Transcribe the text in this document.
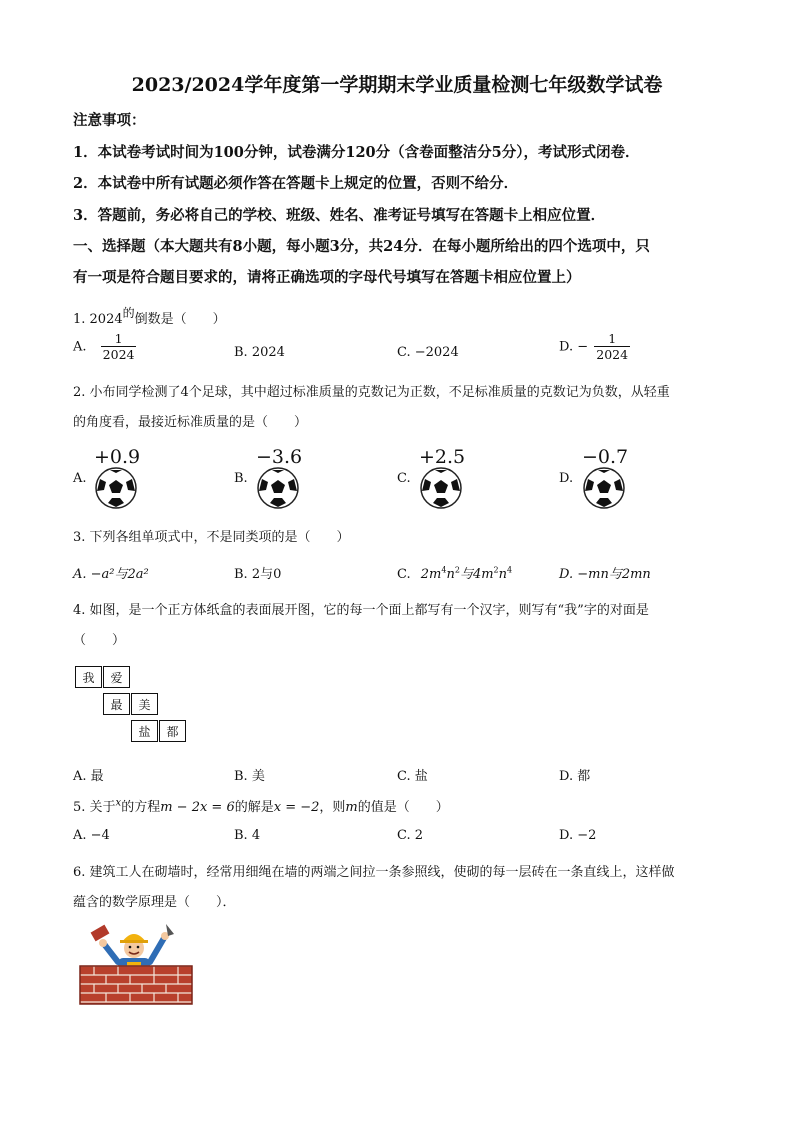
2023/2024学年度第一学期期末学业质量检测七年级数学试卷
注意事项：
1．本试卷考试时间为100分钟，试卷满分120分（含卷面整洁分5分），考试形式闭卷．
2．本试卷中所有试题必须作答在答题卡上规定的位置，否则不给分．
3．答题前，务必将自己的学校、班级、姓名、准考证号填写在答题卡上相应位置．
一、选择题（本大题共有8小题，每小题3分，共24分．在每小题所给出的四个选项中，只
有一项是符合题目要求的，请将正确选项的字母代号填写在答题卡相应位置上）
1. $2024^的$倒数是（　　）
A. $\frac{1}{2024}$	B. 2024	C. −2024	D. − $\frac{1}{2024}$
2. 小布同学检测了4个足球，其中超过标准质量的克数记为正数，不足标准质量的克数记为负数，从轻重
的角度看，最接近标准质量的是（　　）
A.
+0.9
B.
−3.6
C.
+2.5
D.
−0.7
3. 下列各组单项式中，不是同类项的是（　　）
A. −a²与2a²	B. 2与0	C. $2m^4n^2$与$4m^2n^4$	D. −mn与2mn
4. 如图，是一个正方体纸盒的表面展开图，它的每一个面上都写有一个汉字，则写有“我”字的对面是
（　　）
我	爱
最	美
盐	都
A. 最	B. 美	C. 盐	D. 都
5. 关于$^x$的方程m − 2x = 6的解是x = −2，则m的值是（　　）
A. −4	B. 4	C. 2	D. −2
6. 建筑工人在砌墙时，经常用细绳在墙的两端之间拉一条参照线，使砌的每一层砖在一条直线上，这样做
蕴含的数学原理是（　　）．
